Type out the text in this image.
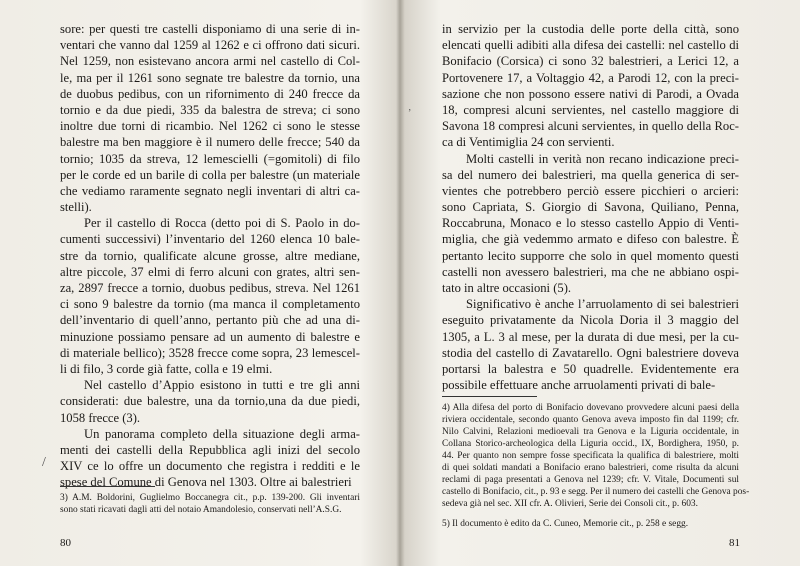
sore: per questi tre castelli disponiamo di una serie di in-
ventari che vanno dal 1259 al 1262 e ci offrono dati sicuri.
Nel 1259, non esistevano ancora armi nel castello di Col-
le, ma per il 1261 sono segnate tre balestre da tornio, una
de duobus pedibus, con un rifornimento di 240 frecce da
tornio e da due piedi, 335 da balestra de streva; ci sono
inoltre due torni di ricambio. Nel 1262 ci sono le stesse
balestre ma ben maggiore è il numero delle frecce; 540 da
tornio; 1035 da streva, 12 lemescielli (=gomitoli) di filo
per le corde ed un barile di colla per balestre (un materiale
che vediamo raramente segnato negli inventari di altri ca-
stelli).
Per il castello di Rocca (detto poi di S. Paolo in do-
cumenti successivi) l’inventario del 1260 elenca 10 bale-
stre da tornio, qualificate alcune grosse, altre mediane,
altre piccole, 37 elmi di ferro alcuni con grates, altri sen-
za, 2897 frecce a tornio, duobus pedibus, streva. Nel 1261
ci sono 9 balestre da tornio (ma manca il completamento
dell’inventario di quell’anno, pertanto più che ad una di-
minuzione possiamo pensare ad un aumento di balestre e
di materiale bellico); 3528 frecce come sopra, 23 lemescel-
li di filo, 3 corde già fatte, colla e 19 elmi.
Nel castello d’Appio esistono in tutti e tre gli anni
considerati: due balestre, una da tornio,una da due piedi,
1058 frecce (3).
Un panorama completo della situazione degli arma-
menti dei castelli della Repubblica agli inizi del secolo
XIV ce lo offre un documento che registra i redditi e le
spese del Comune di Genova nel 1303. Oltre ai balestrieri
3) A.M. Boldorini, Guglielmo Boccanegra cit., p.p. 139-200. Gli inventari
sono stati ricavati dagli atti del notaio Amandolesio, conservati nell’A.S.G.
80
/
in servizio per la custodia delle porte della città, sono
elencati quelli adibiti alla difesa dei castelli: nel castello di
Bonifacio (Corsica) ci sono 32 balestrieri, a Lerici 12, a
Portovenere 17, a Voltaggio 42, a Parodi 12, con la preci-
sazione che non possono essere nativi di Parodi, a Ovada
18, compresi alcuni servientes, nel castello maggiore di
Savona 18 compresi alcuni servientes, in quello della Roc-
ca di Ventimiglia 24 con servienti.
Molti castelli in verità non recano indicazione preci-
sa del numero dei balestrieri, ma quella generica di ser-
vientes che potrebbero perciò essere picchieri o arcieri:
sono Capriata, S. Giorgio di Savona, Quiliano, Penna,
Roccabruna, Monaco e lo stesso castello Appio di Venti-
miglia, che già vedemmo armato e difeso con balestre. È
pertanto lecito supporre che solo in quel momento questi
castelli non avessero balestrieri, ma che ne abbiano ospi-
tato in altre occasioni (5).
Significativo è anche l’arruolamento di sei balestrieri
eseguito privatamente da Nicola Doria il 3 maggio del
1305, a L. 3 al mese, per la durata di due mesi, per la cu-
stodia del castello di Zavatarello. Ogni balestriere doveva
portarsi la balestra e 50 quadrelle. Evidentemente era
possibile effettuare anche arruolamenti privati di bale-
4) Alla difesa del porto di Bonifacio dovevano provvedere alcuni paesi della
riviera occidentale, secondo quanto Genova aveva imposto fin dal 1199; cfr.
Nilo Calvini, Relazioni medioevali tra Genova e la Liguria occidentale, in
Collana Storico-archeologica della Liguria occid., IX, Bordighera, 1950, p.
44. Per quanto non sempre fosse specificata la qualifica di balestriere, molti
di quei soldati mandati a Bonifacio erano balestrieri, come risulta da alcuni
reclami di paga presentati a Genova nel 1239; cfr. V. Vitale, Documenti sul
castello di Bonifacio, cit., p. 93 e segg. Per il numero dei castelli che Genova pos-
sedeva già nel sec. XII cfr. A. Olivieri, Serie dei Consoli cit., p. 603.
5) Il documento è edito da C. Cuneo, Memorie cit., p. 258 e segg.
81
’
